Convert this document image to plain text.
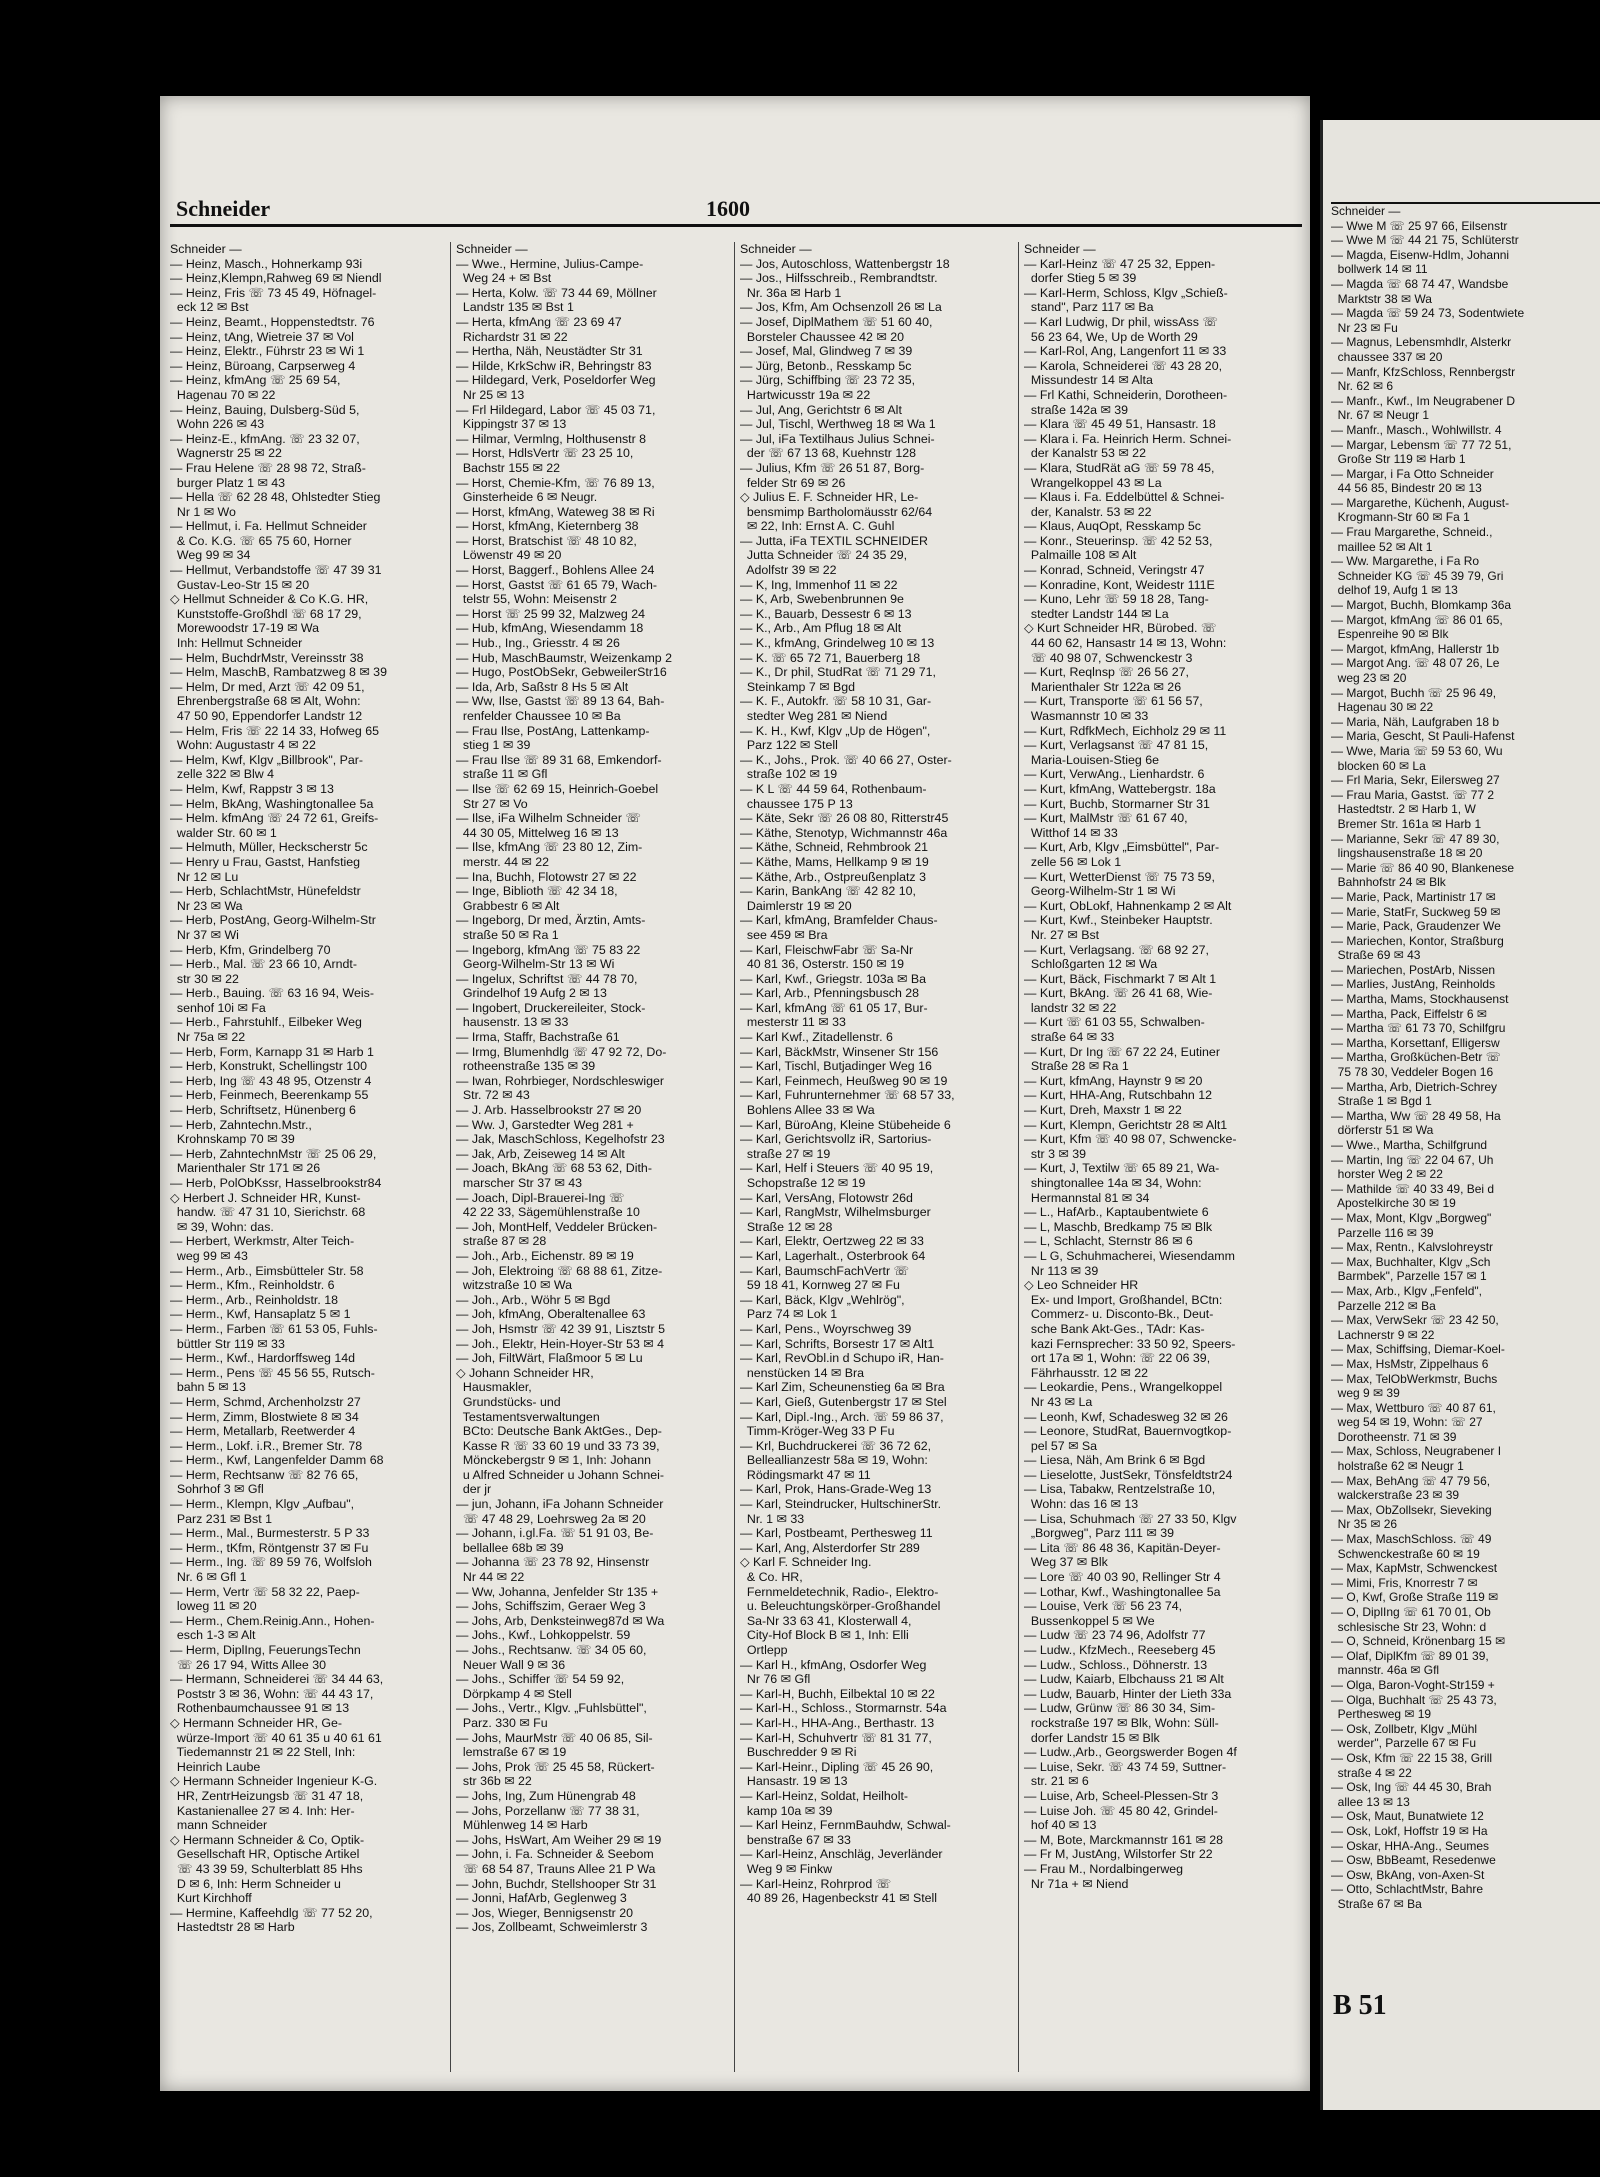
Schneider	1600
Schneider —
— Heinz, Masch., Hohnerkamp 93i
— Heinz,Klempn,Rahweg 69 ✉ Niendl
— Heinz, Fris ☏ 73 45 49, Höfnagel-
eck 12 ✉ Bst
— Heinz, Beamt., Hoppenstedtstr. 76
— Heinz, tAng, Wietreie 37 ✉ Vol
— Heinz, Elektr., Führstr 23 ✉ Wi 1
— Heinz, Büroang, Carpserweg 4
— Heinz, kfmAng ☏ 25 69 54,
Hagenau 70 ✉ 22
— Heinz, Bauing, Dulsberg-Süd 5,
Wohn 226 ✉ 43
— Heinz-E., kfmAng. ☏ 23 32 07,
Wagnerstr 25 ✉ 22
— Frau Helene ☏ 28 98 72, Straß-
burger Platz 1 ✉ 43
— Hella ☏ 62 28 48, Ohlstedter Stieg
Nr 1 ✉ Wo
— Hellmut, i. Fa. Hellmut Schneider
& Co. K.G. ☏ 65 75 60, Horner
Weg 99 ✉ 34
— Hellmut, Verbandstoffe ☏ 47 39 31
Gustav-Leo-Str 15 ✉ 20
◇ Hellmut Schneider & Co K.G. HR,
Kunststoffe-Großhdl ☏ 68 17 29,
Morewoodstr 17-19 ✉ Wa
Inh: Hellmut Schneider
— Helm, BuchdrMstr, Vereinsstr 38
— Helm, MaschB, Rambatzweg 8 ✉ 39
— Helm, Dr med, Arzt ☏ 42 09 51,
Ehrenbergstraße 68 ✉ Alt, Wohn:
47 50 90, Eppendorfer Landstr 12
— Helm, Fris ☏ 22 14 33, Hofweg 65
Wohn: Augustastr 4 ✉ 22
— Helm, Kwf, Klgv „Billbrook", Par-
zelle 322 ✉ Blw 4
— Helm, Kwf, Rappstr 3 ✉ 13
— Helm, BkAng, Washingtonallee 5a
— Helm. kfmAng ☏ 24 72 61, Greifs-
walder Str. 60 ✉ 1
— Helmuth, Müller, Heckscherstr 5c
— Henry u Frau, Gastst, Hanfstieg
Nr 12 ✉ Lu
— Herb, SchlachtMstr, Hünefeldstr
Nr 23 ✉ Wa
— Herb, PostAng, Georg-Wilhelm-Str
Nr 37 ✉ Wi
— Herb, Kfm, Grindelberg 70
— Herb., Mal. ☏ 23 66 10, Arndt-
str 30 ✉ 22
— Herb., Bauing. ☏ 63 16 94, Weis-
senhof 10i ✉ Fa
— Herb., Fahrstuhlf., Eilbeker Weg
Nr 75a ✉ 22
— Herb, Form, Karnapp 31 ✉ Harb 1
— Herb, Konstrukt, Schellingstr 100
— Herb, Ing ☏ 43 48 95, Otzenstr 4
— Herb, Feinmech, Beerenkamp 55
— Herb, Schriftsetz, Hünenberg 6
— Herb, Zahntechn.Mstr.,
Krohnskamp 70 ✉ 39
— Herb, ZahntechnMstr ☏ 25 06 29,
Marienthaler Str 171 ✉ 26
— Herb, PolObKssr, Hasselbrookstr84
◇ Herbert J. Schneider HR, Kunst-
handw. ☏ 47 31 10, Sierichstr. 68
✉ 39, Wohn: das.
— Herbert, Werkmstr, Alter Teich-
weg 99 ✉ 43
— Herm., Arb., Eimsbütteler Str. 58
— Herm., Kfm., Reinholdstr. 6
— Herm., Arb., Reinholdstr. 18
— Herm., Kwf, Hansaplatz 5 ✉ 1
— Herm., Farben ☏ 61 53 05, Fuhls-
büttler Str 119 ✉ 33
— Herm., Kwf., Hardorffsweg 14d
— Herm., Pens ☏ 45 56 55, Rutsch-
bahn 5 ✉ 13
— Herm, Schmd, Archenholzstr 27
— Herm, Zimm, Blostwiete 8 ✉ 34
— Herm, Metallarb, Reetwerder 4
— Herm., Lokf. i.R., Bremer Str. 78
— Herm., Kwf, Langenfelder Damm 68
— Herm, Rechtsanw ☏ 82 76 65,
Sohrhof 3 ✉ Gfl
— Herm., Klempn, Klgv „Aufbau",
Parz 231 ✉ Bst 1
— Herm., Mal., Burmesterstr. 5 P 33
— Herm., tKfm, Röntgenstr 37 ✉ Fu
— Herm., Ing. ☏ 89 59 76, Wolfsloh
Nr. 6 ✉ Gfl 1
— Herm, Vertr ☏ 58 32 22, Paep-
loweg 11 ✉ 20
— Herm., Chem.Reinig.Ann., Hohen-
esch 1-3 ✉ Alt
— Herm, DiplIng, FeuerungsTechn
☏ 26 17 94, Witts Allee 30
— Hermann, Schneiderei ☏ 34 44 63,
Poststr 3 ✉ 36, Wohn: ☏ 44 43 17,
Rothenbaumchaussee 91 ✉ 13
◇ Hermann Schneider HR, Ge-
würze-Import ☏ 40 61 35 u 40 61 61
Tiedemannstr 21 ✉ 22 Stell, Inh:
Heinrich Laube
◇ Hermann Schneider Ingenieur K-G.
HR, ZentrHeizungsb ☏ 31 47 18,
Kastanienallee 27 ✉ 4. Inh: Her-
mann Schneider
◇ Hermann Schneider & Co, Optik-
Gesellschaft HR, Optische Artikel
☏ 43 39 59, Schulterblatt 85 Hhs
D ✉ 6, Inh: Herm Schneider u
Kurt Kirchhoff
— Hermine, Kaffeehdlg ☏ 77 52 20,
Hastedtstr 28 ✉ Harb
Schneider —
— Wwe., Hermine, Julius-Campe-
Weg 24 + ✉ Bst
— Herta, Kolw. ☏ 73 44 69, Möllner
Landstr 135 ✉ Bst 1
— Herta, kfmAng ☏ 23 69 47
Richardstr 31 ✉ 22
— Hertha, Näh, Neustädter Str 31
— Hilde, KrkSchw iR, Behringstr 83
— Hildegard, Verk, Poseldorfer Weg
Nr 25 ✉ 13
— Frl Hildegard, Labor ☏ 45 03 71,
Kippingstr 37 ✉ 13
— Hilmar, Vermlng, Holthusenstr 8
— Horst, HdlsVertr ☏ 23 25 10,
Bachstr 155 ✉ 22
— Horst, Chemie-Kfm, ☏ 76 89 13,
Ginsterheide 6 ✉ Neugr.
— Horst, kfmAng, Wateweg 38 ✉ Ri
— Horst, kfmAng, Kieternberg 38
— Horst, Bratschist ☏ 48 10 82,
Löwenstr 49 ✉ 20
— Horst, Baggerf., Bohlens Allee 24
— Horst, Gastst ☏ 61 65 79, Wach-
telstr 55, Wohn: Meisenstr 2
— Horst ☏ 25 99 32, Malzweg 24
— Hub, kfmAng, Wiesendamm 18
— Hub., Ing., Griesstr. 4 ✉ 26
— Hub, MaschBaumstr, Weizenkamp 2
— Hugo, PostObSekr, GebweilerStr16
— Ida, Arb, Saßstr 8 Hs 5 ✉ Alt
— Ww, Ilse, Gastst ☏ 89 13 64, Bah-
renfelder Chaussee 10 ✉ Ba
— Frau Ilse, PostAng, Lattenkamp-
stieg 1 ✉ 39
— Frau Ilse ☏ 89 31 68, Emkendorf-
straße 11 ✉ Gfl
— Ilse ☏ 62 69 15, Heinrich-Goebel
Str 27 ✉ Vo
— Ilse, iFa Wilhelm Schneider ☏
44 30 05, Mittelweg 16 ✉ 13
— Ilse, kfmAng ☏ 23 80 12, Zim-
merstr. 44 ✉ 22
— Ina, Buchh, Flotowstr 27 ✉ 22
— Inge, Biblioth ☏ 42 34 18,
Grabbestr 6 ✉ Alt
— Ingeborg, Dr med, Ärztin, Amts-
straße 50 ✉ Ra 1
— Ingeborg, kfmAng ☏ 75 83 22
Georg-Wilhelm-Str 13 ✉ Wi
— Ingelux, Schriftst ☏ 44 78 70,
Grindelhof 19 Aufg 2 ✉ 13
— Ingobert, Druckereileiter, Stock-
hausenstr. 13 ✉ 33
— Irma, Staffr, Bachstraße 61
— Irmg, Blumenhdlg ☏ 47 92 72, Do-
rotheenstraße 135 ✉ 39
— Iwan, Rohrbieger, Nordschleswiger
Str. 72 ✉ 43
— J. Arb. Hasselbrookstr 27 ✉ 20
— Ww. J, Garstedter Weg 281 +
— Jak, MaschSchloss, Kegelhofstr 23
— Jak, Arb, Zeiseweg 14 ✉ Alt
— Joach, BkAng ☏ 68 53 62, Dith-
marscher Str 37 ✉ 43
— Joach, Dipl-Brauerei-Ing ☏
42 22 33, Sägemühlenstraße 10
— Joh, MontHelf, Veddeler Brücken-
straße 87 ✉ 28
— Joh., Arb., Eichenstr. 89 ✉ 19
— Joh, Elektroing ☏ 68 88 61, Zitze-
witzstraße 10 ✉ Wa
— Joh., Arb., Wöhr 5 ✉ Bgd
— Joh, kfmAng, Oberaltenallee 63
— Joh, Hsmstr ☏ 42 39 91, Lisztstr 5
— Joh., Elektr, Hein-Hoyer-Str 53 ✉ 4
— Joh, FiltWärt, Flaßmoor 5 ✉ Lu
◇ Johann Schneider HR,
Hausmakler,
Grundstücks- und
Testamentsverwaltungen
BCto: Deutsche Bank AktGes., Dep-
Kasse R ☏ 33 60 19 und 33 73 39,
Mönckebergstr 9 ✉ 1, Inh: Johann
u Alfred Schneider u Johann Schnei-
der jr
— jun, Johann, iFa Johann Schneider
☏ 47 48 29, Loehrsweg 2a ✉ 20
— Johann, i.gl.Fa. ☏ 51 91 03, Be-
bellallee 68b ✉ 39
— Johanna ☏ 23 78 92, Hinsenstr
Nr 44 ✉ 22
— Ww, Johanna, Jenfelder Str 135 +
— Johs, Schiffszim, Geraer Weg 3
— Johs, Arb, Denksteinweg87d ✉ Wa
— Johs., Kwf., Lohkoppelstr. 59
— Johs., Rechtsanw. ☏ 34 05 60,
Neuer Wall 9 ✉ 36
— Johs., Schiffer ☏ 54 59 92,
Dörpkamp 4 ✉ Stell
— Johs., Vertr., Klgv. „Fuhlsbüttel",
Parz. 330 ✉ Fu
— Johs, MaurMstr ☏ 40 06 85, Sil-
lemstraße 67 ✉ 19
— Johs, Prok ☏ 25 45 58, Rückert-
str 36b ✉ 22
— Johs, Ing, Zum Hünengrab 48
— Johs, Porzellanw ☏ 77 38 31,
Mühlenweg 14 ✉ Harb
— Johs, HsWart, Am Weiher 29 ✉ 19
— John, i. Fa. Schneider & Seebom
☏ 68 54 87, Trauns Allee 21 P Wa
— John, Buchdr, Stellshooper Str 31
— Jonni, HafArb, Geglenweg 3
— Jos, Wieger, Bennigsenstr 20
— Jos, Zollbeamt, Schweimlerstr 3
Schneider —
— Jos, Autoschloss, Wattenbergstr 18
— Jos., Hilfsschreib., Rembrandtstr.
Nr. 36a ✉ Harb 1
— Jos, Kfm, Am Ochsenzoll 26 ✉ La
— Josef, DiplMathem ☏ 51 60 40,
Borsteler Chaussee 42 ✉ 20
— Josef, Mal, Glindweg 7 ✉ 39
— Jürg, Betonb., Resskamp 5c
— Jürg, Schiffbing ☏ 23 72 35,
Hartwicusstr 19a ✉ 22
— Jul, Ang, Gerichtstr 6 ✉ Alt
— Jul, Tischl, Werthweg 18 ✉ Wa 1
— Jul, iFa Textilhaus Julius Schnei-
der ☏ 67 13 68, Kuehnstr 128
— Julius, Kfm ☏ 26 51 87, Borg-
felder Str 69 ✉ 26
◇ Julius E. F. Schneider HR, Le-
bensmimp Bartholomäusstr 62/64
✉ 22, Inh: Ernst A. C. Guhl
— Jutta, iFa TEXTIL SCHNEIDER
Jutta Schneider ☏ 24 35 29,
Adolfstr 39 ✉ 22
— K, Ing, Immenhof 11 ✉ 22
— K, Arb, Swebenbrunnen 9e
— K., Bauarb, Dessestr 6 ✉ 13
— K., Arb., Am Pflug 18 ✉ Alt
— K., kfmAng, Grindelweg 10 ✉ 13
— K. ☏ 65 72 71, Bauerberg 18
— K., Dr phil, StudRat ☏ 71 29 71,
Steinkamp 7 ✉ Bgd
— K. F., Autokfr. ☏ 58 10 31, Gar-
stedter Weg 281 ✉ Niend
— K. H., Kwf, Klgv „Up de Högen",
Parz 122 ✉ Stell
— K., Johs., Prok. ☏ 40 66 27, Oster-
straße 102 ✉ 19
— K L ☏ 44 59 64, Rothenbaum-
chaussee 175 P 13
— Käte, Sekr ☏ 26 08 80, Ritterstr45
— Käthe, Stenotyp, Wichmannstr 46a
— Käthe, Schneid, Rehmbrook 21
— Käthe, Mams, Hellkamp 9 ✉ 19
— Käthe, Arb., Ostpreußenplatz 3
— Karin, BankAng ☏ 42 82 10,
Daimlerstr 19 ✉ 20
— Karl, kfmAng, Bramfelder Chaus-
see 459 ✉ Bra
— Karl, FleischwFabr ☏ Sa-Nr
40 81 36, Osterstr. 150 ✉ 19
— Karl, Kwf., Griegstr. 103a ✉ Ba
— Karl, Arb., Pfenningsbusch 28
— Karl, kfmAng ☏ 61 05 17, Bur-
mesterstr 11 ✉ 33
— Karl Kwf., Zitadellenstr. 6
— Karl, BäckMstr, Winsener Str 156
— Karl, Tischl, Butjadinger Weg 16
— Karl, Feinmech, Heußweg 90 ✉ 19
— Karl, Fuhrunternehmer ☏ 68 57 33,
Bohlens Allee 33 ✉ Wa
— Karl, BüroAng, Kleine Stübeheide 6
— Karl, Gerichtsvollz iR, Sartorius-
straße 27 ✉ 19
— Karl, Helf i Steuers ☏ 40 95 19,
Schopstraße 12 ✉ 19
— Karl, VersAng, Flotowstr 26d
— Karl, RangMstr, Wilhelmsburger
Straße 12 ✉ 28
— Karl, Elektr, Oertzweg 22 ✉ 33
— Karl, Lagerhalt., Osterbrook 64
— Karl, BaumschFachVertr ☏
59 18 41, Kornweg 27 ✉ Fu
— Karl, Bäck, Klgv „Wehlrög",
Parz 74 ✉ Lok 1
— Karl, Pens., Woyrschweg 39
— Karl, Schrifts, Borsestr 17 ✉ Alt1
— Karl, RevObl.in d Schupo iR, Han-
nenstücken 14 ✉ Bra
— Karl Zim, Scheunenstieg 6a ✉ Bra
— Karl, Gieß, Gutenbergstr 17 ✉ Stel
— Karl, Dipl.-Ing., Arch. ☏ 59 86 37,
Timm-Kröger-Weg 33 P Fu
— Krl, Buchdruckerei ☏ 36 72 62,
Belleallianzestr 58a ✉ 19, Wohn:
Rödingsmarkt 47 ✉ 11
— Karl, Prok, Hans-Grade-Weg 13
— Karl, Steindrucker, HultschinerStr.
Nr. 1 ✉ 33
— Karl, Postbeamt, Perthesweg 11
— Karl, Ang, Alsterdorfer Str 289
◇ Karl F. Schneider Ing.
& Co. HR,
Fernmeldetechnik, Radio-, Elektro-
u. Beleuchtungskörper-Großhandel
Sa-Nr 33 63 41, Klosterwall 4,
City-Hof Block B ✉ 1, Inh: Elli
Ortlepp
— Karl H., kfmAng, Osdorfer Weg
Nr 76 ✉ Gfl
— Karl-H, Buchh, Eilbektal 10 ✉ 22
— Karl-H., Schloss., Stormarnstr. 54a
— Karl-H., HHA-Ang., Berthastr. 13
— Karl-H, Schuhvertr ☏ 81 31 77,
Buschredder 9 ✉ Ri
— Karl-Heinr., Dipling ☏ 45 26 90,
Hansastr. 19 ✉ 13
— Karl-Heinz, Soldat, Heilholt-
kamp 10a ✉ 39
— Karl Heinz, FernmBauhdw, Schwal-
benstraße 67 ✉ 33
— Karl-Heinz, Anschläg, Jeverländer
Weg 9 ✉ Finkw
— Karl-Heinz, Rohrprod ☏
40 89 26, Hagenbeckstr 41 ✉ Stell
Schneider —
— Karl-Heinz ☏ 47 25 32, Eppen-
dorfer Stieg 5 ✉ 39
— Karl-Herm, Schloss, Klgv „Schieß-
stand", Parz 117 ✉ Ba
— Karl Ludwig, Dr phil, wissAss ☏
56 23 64, We, Up de Worth 29
— Karl-Rol, Ang, Langenfort 11 ✉ 33
— Karola, Schneiderei ☏ 43 28 20,
Missundestr 14 ✉ Alta
— Frl Kathi, Schneiderin, Dorotheen-
straße 142a ✉ 39
— Klara ☏ 45 49 51, Hansastr. 18
— Klara i. Fa. Heinrich Herm. Schnei-
der Kanalstr 53 ✉ 22
— Klara, StudRät aG ☏ 59 78 45,
Wrangelkoppel 43 ✉ La
— Klaus i. Fa. Eddelbüttel & Schnei-
der, Kanalstr. 53 ✉ 22
— Klaus, AuqOpt, Resskamp 5c
— Konr., Steuerinsp. ☏ 42 52 53,
Palmaille 108 ✉ Alt
— Konrad, Schneid, Veringstr 47
— Konradine, Kont, Weidestr 111E
— Kuno, Lehr ☏ 59 18 28, Tang-
stedter Landstr 144 ✉ La
◇ Kurt Schneider HR, Bürobed. ☏
44 60 62, Hansastr 14 ✉ 13, Wohn:
☏ 40 98 07, Schwenckestr 3
— Kurt, Reqlnsp ☏ 26 56 27,
Marienthaler Str 122a ✉ 26
— Kurt, Transporte ☏ 61 56 57,
Wasmannstr 10 ✉ 33
— Kurt, RdfkMech, Eichholz 29 ✉ 11
— Kurt, Verlagsanst ☏ 47 81 15,
Maria-Louisen-Stieg 6e
— Kurt, VerwAng., Lienhardstr. 6
— Kurt, kfmAng, Wattebergstr. 18a
— Kurt, Buchb, Stormarner Str 31
— Kurt, MalMstr ☏ 61 67 40,
Witthof 14 ✉ 33
— Kurt, Arb, Klgv „Eimsbüttel", Par-
zelle 56 ✉ Lok 1
— Kurt, WetterDienst ☏ 75 73 59,
Georg-Wilhelm-Str 1 ✉ Wi
— Kurt, ObLokf, Hahnenkamp 2 ✉ Alt
— Kurt, Kwf., Steinbeker Hauptstr.
Nr. 27 ✉ Bst
— Kurt, Verlagsang. ☏ 68 92 27,
Schloßgarten 12 ✉ Wa
— Kurt, Bäck, Fischmarkt 7 ✉ Alt 1
— Kurt, BkAng. ☏ 26 41 68, Wie-
landstr 32 ✉ 22
— Kurt ☏ 61 03 55, Schwalben-
straße 64 ✉ 33
— Kurt, Dr Ing ☏ 67 22 24, Eutiner
Straße 28 ✉ Ra 1
— Kurt, kfmAng, Haynstr 9 ✉ 20
— Kurt, HHA-Ang, Rutschbahn 12
— Kurt, Dreh, Maxstr 1 ✉ 22
— Kurt, Klempn, Gerichtstr 28 ✉ Alt1
— Kurt, Kfm ☏ 40 98 07, Schwencke-
str 3 ✉ 39
— Kurt, J, Textilw ☏ 65 89 21, Wa-
shingtonallee 14a ✉ 34, Wohn:
Hermannstal 81 ✉ 34
— L., HafArb., Kaptaubentwiete 6
— L, Maschb, Bredkamp 75 ✉ Blk
— L, Schlacht, Sternstr 86 ✉ 6
— L G, Schuhmacherei, Wiesendamm
Nr 113 ✉ 39
◇ Leo Schneider HR
Ex- und Import, Großhandel, BCtn:
Commerz- u. Disconto-Bk., Deut-
sche Bank Akt-Ges., TAdr: Kas-
kazi Fernsprecher: 33 50 92, Speers-
ort 17a ✉ 1, Wohn: ☏ 22 06 39,
Fährhausstr. 12 ✉ 22
— Leokardie, Pens., Wrangelkoppel
Nr 43 ✉ La
— Leonh, Kwf, Schadesweg 32 ✉ 26
— Leonore, StudRat, Bauernvogtkop-
pel 57 ✉ Sa
— Liesa, Näh, Am Brink 6 ✉ Bgd
— Lieselotte, JustSekr, Tönsfeldtstr24
— Lisa, Tabakw, Rentzelstraße 10,
Wohn: das 16 ✉ 13
— Lisa, Schuhmach ☏ 27 33 50, Klgv
„Borgweg", Parz 111 ✉ 39
— Lita ☏ 86 48 36, Kapitän-Deyer-
Weg 37 ✉ Blk
— Lore ☏ 40 03 90, Rellinger Str 4
— Lothar, Kwf., Washingtonallee 5a
— Louise, Verk ☏ 56 23 74,
Bussenkoppel 5 ✉ We
— Ludw ☏ 23 74 96, Adolfstr 77
— Ludw., KfzMech., Reeseberg 45
— Ludw., Schloss., Döhnerstr. 13
— Ludw, Kaiarb, Elbchauss 21 ✉ Alt
— Ludw, Bauarb, Hinter der Lieth 33a
— Ludw, Grünw ☏ 86 30 34, Sim-
rockstraße 197 ✉ Blk, Wohn: Süll-
dorfer Landstr 15 ✉ Blk
— Ludw.,Arb., Georgswerder Bogen 4f
— Luise, Sekr. ☏ 43 74 59, Suttner-
str. 21 ✉ 6
— Luise, Arb, Scheel-Plessen-Str 3
— Luise Joh. ☏ 45 80 42, Grindel-
hof 40 ✉ 13
— M, Bote, Marckmannstr 161 ✉ 28
— Fr M, JustAng, Wilstorfer Str 22
— Frau M., Nordalbingerweg
Nr 71a + ✉ Niend
Schneider —
— Wwe M ☏ 25 97 66, Eilsenstr
— Wwe M ☏ 44 21 75, Schlüterstr
— Magda, Eisenw-Hdlm, Johanni
bollwerk 14 ✉ 11
— Magda ☏ 68 74 47, Wandsbe
Marktstr 38 ✉ Wa
— Magda ☏ 59 24 73, Sodentwiete
Nr 23 ✉ Fu
— Magnus, Lebensmhdlr, Alsterkr
chaussee 337 ✉ 20
— Manfr, KfzSchloss, Rennbergstr
Nr. 62 ✉ 6
— Manfr., Kwf., Im Neugrabener D
Nr. 67 ✉ Neugr 1
— Manfr., Masch., Wohlwillstr. 4
— Margar, Lebensm ☏ 77 72 51,
Große Str 119 ✉ Harb 1
— Margar, i Fa Otto Schneider
44 56 85, Bindestr 20 ✉ 13
— Margarethe, Küchenh, August-
Krogmann-Str 60 ✉ Fa 1
— Frau Margarethe, Schneid.,
maillee 52 ✉ Alt 1
— Ww. Margarethe, i Fa Ro
Schneider KG ☏ 45 39 79, Gri
delhof 19, Aufg 1 ✉ 13
— Margot, Buchh, Blomkamp 36a
— Margot, kfmAng ☏ 86 01 65,
Espenreihe 90 ✉ Blk
— Margot, kfmAng, Hallerstr 1b
— Margot Ang. ☏ 48 07 26, Le
weg 23 ✉ 20
— Margot, Buchh ☏ 25 96 49,
Hagenau 30 ✉ 22
— Maria, Näh, Laufgraben 18 b
— Maria, Gescht, St Pauli-Hafenst
— Wwe, Maria ☏ 59 53 60, Wu
blocken 60 ✉ La
— Frl Maria, Sekr, Eilersweg 27
— Frau Maria, Gastst. ☏ 77 2
Hastedtstr. 2 ✉ Harb 1, W
Bremer Str. 161a ✉ Harb 1
— Marianne, Sekr ☏ 47 89 30,
lingshausenstraße 18 ✉ 20
— Marie ☏ 86 40 90, Blankenese
Bahnhofstr 24 ✉ Blk
— Marie, Pack, Martinistr 17 ✉
— Marie, StatFr, Suckweg 59 ✉
— Marie, Pack, Graudenzer We
— Mariechen, Kontor, Straßburg
Straße 69 ✉ 43
— Mariechen, PostArb, Nissen
— Marlies, JustAng, Reinholds
— Martha, Mams, Stockhausenst
— Martha, Pack, Eiffelstr 6 ✉
— Martha ☏ 61 73 70, Schilfgru
— Martha, Korsettanf, Elligersw
— Martha, Großküchen-Betr ☏
75 78 30, Veddeler Bogen 16
— Martha, Arb, Dietrich-Schrey
Straße 1 ✉ Bgd 1
— Martha, Ww ☏ 28 49 58, Ha
dörferstr 51 ✉ Wa
— Wwe., Martha, Schilfgrund
— Martin, Ing ☏ 22 04 67, Uh
horster Weg 2 ✉ 22
— Mathilde ☏ 40 33 49, Bei d
Apostelkirche 30 ✉ 19
— Max, Mont, Klgv „Borgweg"
Parzelle 116 ✉ 39
— Max, Rentn., Kalvslohreystr
— Max, Buchhalter, Klgv „Sch
Barmbek", Parzelle 157 ✉ 1
— Max, Arb., Klgv „Fenfeld",
Parzelle 212 ✉ Ba
— Max, VerwSekr ☏ 23 42 50,
Lachnerstr 9 ✉ 22
— Max, Schiffsing, Diemar-Koel-
— Max, HsMstr, Zippelhaus 6
— Max, TelObWerkmstr, Buchs
weg 9 ✉ 39
— Max, Wettburo ☏ 40 87 61,
weg 54 ✉ 19, Wohn: ☏ 27
Dorotheenstr. 71 ✉ 39
— Max, Schloss, Neugrabener I
holstraße 62 ✉ Neugr 1
— Max, BehAng ☏ 47 79 56,
walckerstraße 23 ✉ 39
— Max, ObZollsekr, Sieveking
Nr 35 ✉ 26
— Max, MaschSchloss. ☏ 49
Schwenckestraße 60 ✉ 19
— Max, KapMstr, Schwenckest
— Mimi, Fris, Knorrestr 7 ✉
— O, Kwf, Große Straße 119 ✉
— O, DiplIng ☏ 61 70 01, Ob
schlesische Str 23, Wohn: d
— O, Schneid, Krönenbarg 15 ✉
— Olaf, DiplKfm ☏ 89 01 39,
mannstr. 46a ✉ Gfl
— Olga, Baron-Voght-Str159 +
— Olga, Buchhalt ☏ 25 43 73,
Perthesweg ✉ 19
— Osk, Zollbetr, Klgv „Mühl
werder", Parzelle 67 ✉ Fu
— Osk, Kfm ☏ 22 15 38, Grill
straße 4 ✉ 22
— Osk, Ing ☏ 44 45 30, Brah
allee 13 ✉ 13
— Osk, Maut, Bunatwiete 12
— Osk, Lokf, Hoffstr 19 ✉ Ha
— Oskar, HHA-Ang., Seumes
— Osw, BbBeamt, Resedenwe
— Osw, BkAng, von-Axen-St
— Otto, SchlachtMstr, Bahre
Straße 67 ✉ Ba
B 51
